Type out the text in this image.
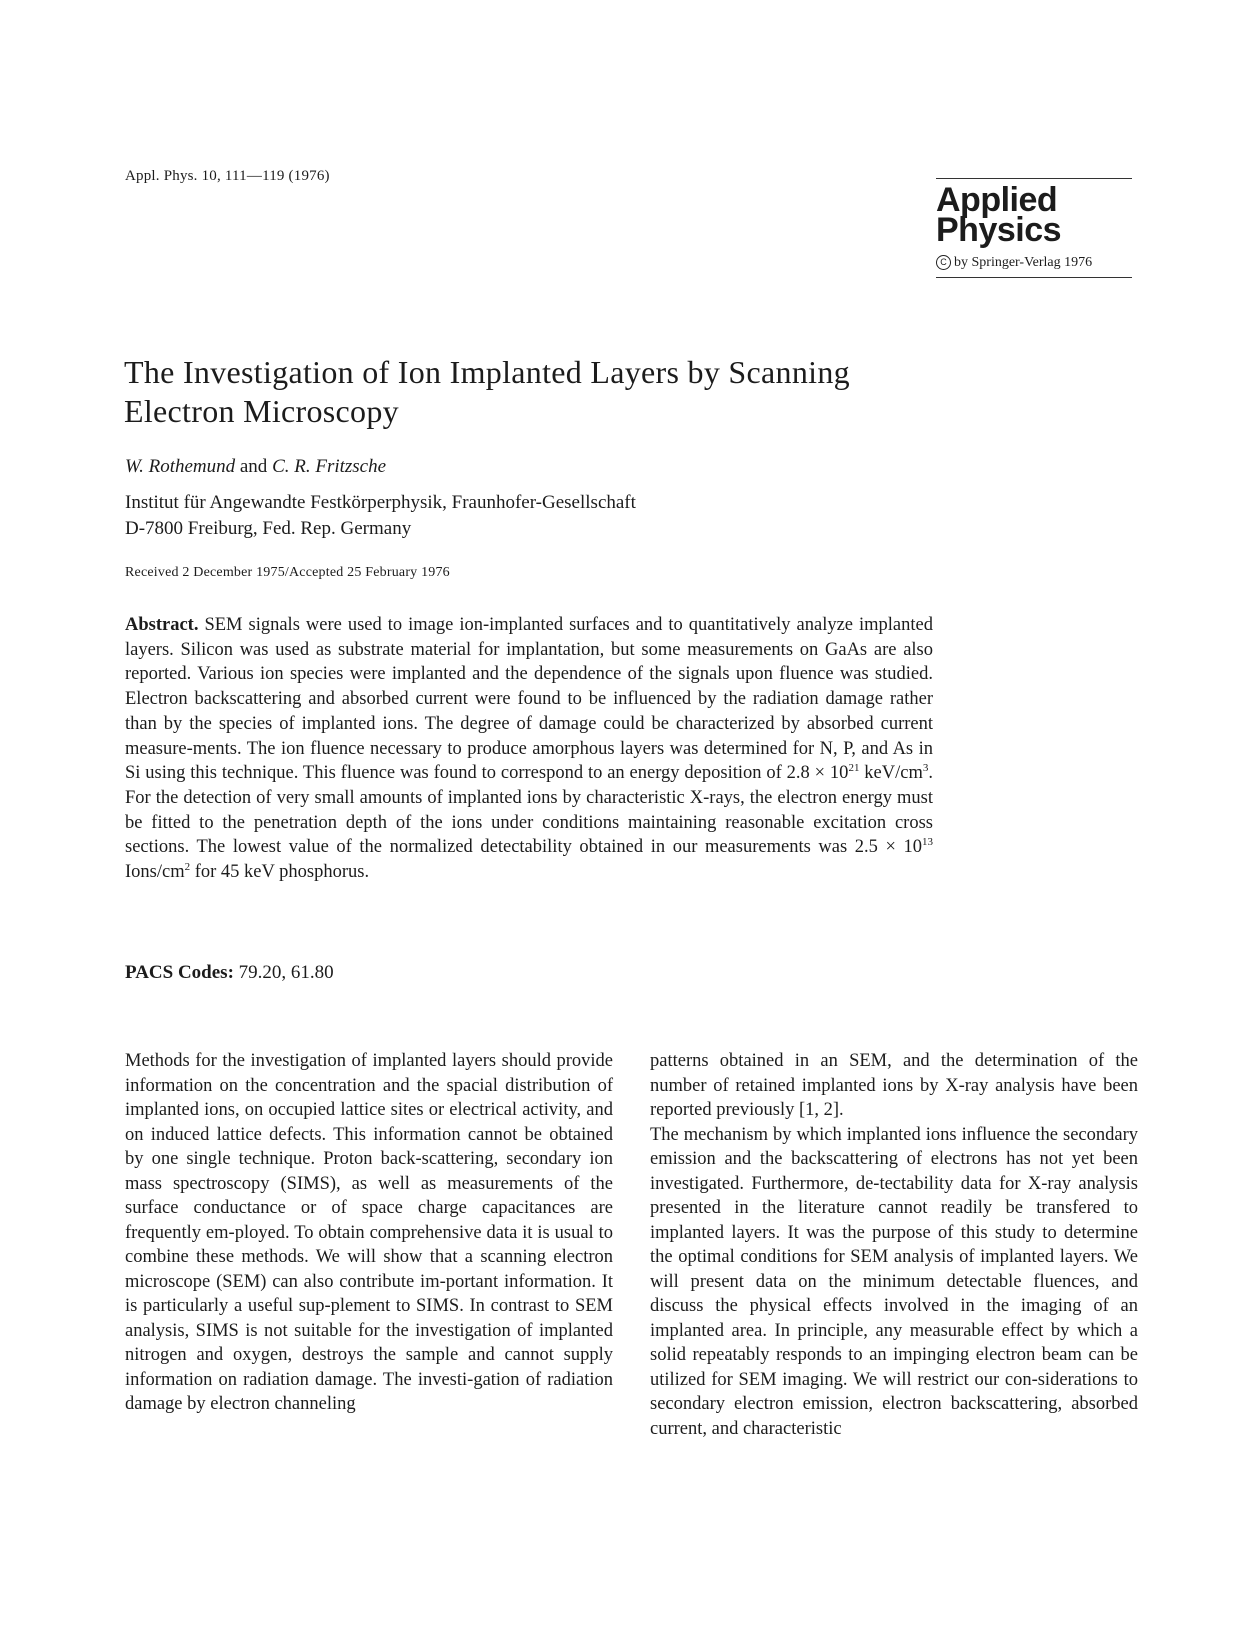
Appl. Phys. 10, 111—119 (1976)
Applied
Physics
C by Springer-Verlag 1976
The Investigation of Ion Implanted Layers by Scanning Electron Microscopy
W. Rothemund and C. R. Fritzsche
Institut für Angewandte Festkörperphysik, Fraunhofer-Gesellschaft
D-7800 Freiburg, Fed. Rep. Germany
Received 2 December 1975/Accepted 25 February 1976
Abstract. SEM signals were used to image ion-implanted surfaces and to quantitatively analyze implanted layers. Silicon was used as substrate material for implantation, but some measurements on GaAs are also reported. Various ion species were implanted and the dependence of the signals upon fluence was studied. Electron backscattering and absorbed current were found to be influenced by the radiation damage rather than by the species of implanted ions. The degree of damage could be characterized by absorbed current measure-ments. The ion fluence necessary to produce amorphous layers was determined for N, P, and As in Si using this technique. This fluence was found to correspond to an energy deposition of $2.8 \times 10^{21}$ keV/$cm^3$. For the detection of very small amounts of implanted ions by characteristic X-rays, the electron energy must be fitted to the penetration depth of the ions under conditions maintaining reasonable excitation cross sections. The lowest value of the normalized detectability obtained in our measurements was $2.5 \times 10^{13}$ Ions/$cm^2$ for 45 keV phosphorus.
PACS Codes: 79.20, 61.80

Methods for the investigation of implanted layers should provide information on the concentration and the spacial distribution of implanted ions, on occupied lattice sites or electrical activity, and on induced lattice defects. This information cannot be obtained by one single technique. Proton back-scattering, secondary ion mass spectroscopy (SIMS), as well as measurements of the surface conductance or of space charge capacitances are frequently em-ployed. To obtain comprehensive data it is usual to combine these methods. We will show that a scanning electron microscope (SEM) can also contribute im-portant information. It is particularly a useful sup-plement to SIMS. In contrast to SEM analysis, SIMS is not suitable for the investigation of implanted nitrogen and oxygen, destroys the sample and cannot supply information on radiation damage. The investi-gation of radiation damage by electron channeling

patterns obtained in an SEM, and the determination of the number of retained implanted ions by X-ray analysis have been reported previously [1, 2].

The mechanism by which implanted ions influence the secondary emission and the backscattering of electrons has not yet been investigated. Furthermore, de-tectability data for X-ray analysis presented in the literature cannot readily be transfered to implanted layers. It was the purpose of this study to determine the optimal conditions for SEM analysis of implanted layers. We will present data on the minimum detectable fluences, and discuss the physical effects involved in the imaging of an implanted area. In principle, any measurable effect by which a solid repeatably responds to an impinging electron beam can be utilized for SEM imaging. We will restrict our con-siderations to secondary electron emission, electron backscattering, absorbed current, and characteristic
